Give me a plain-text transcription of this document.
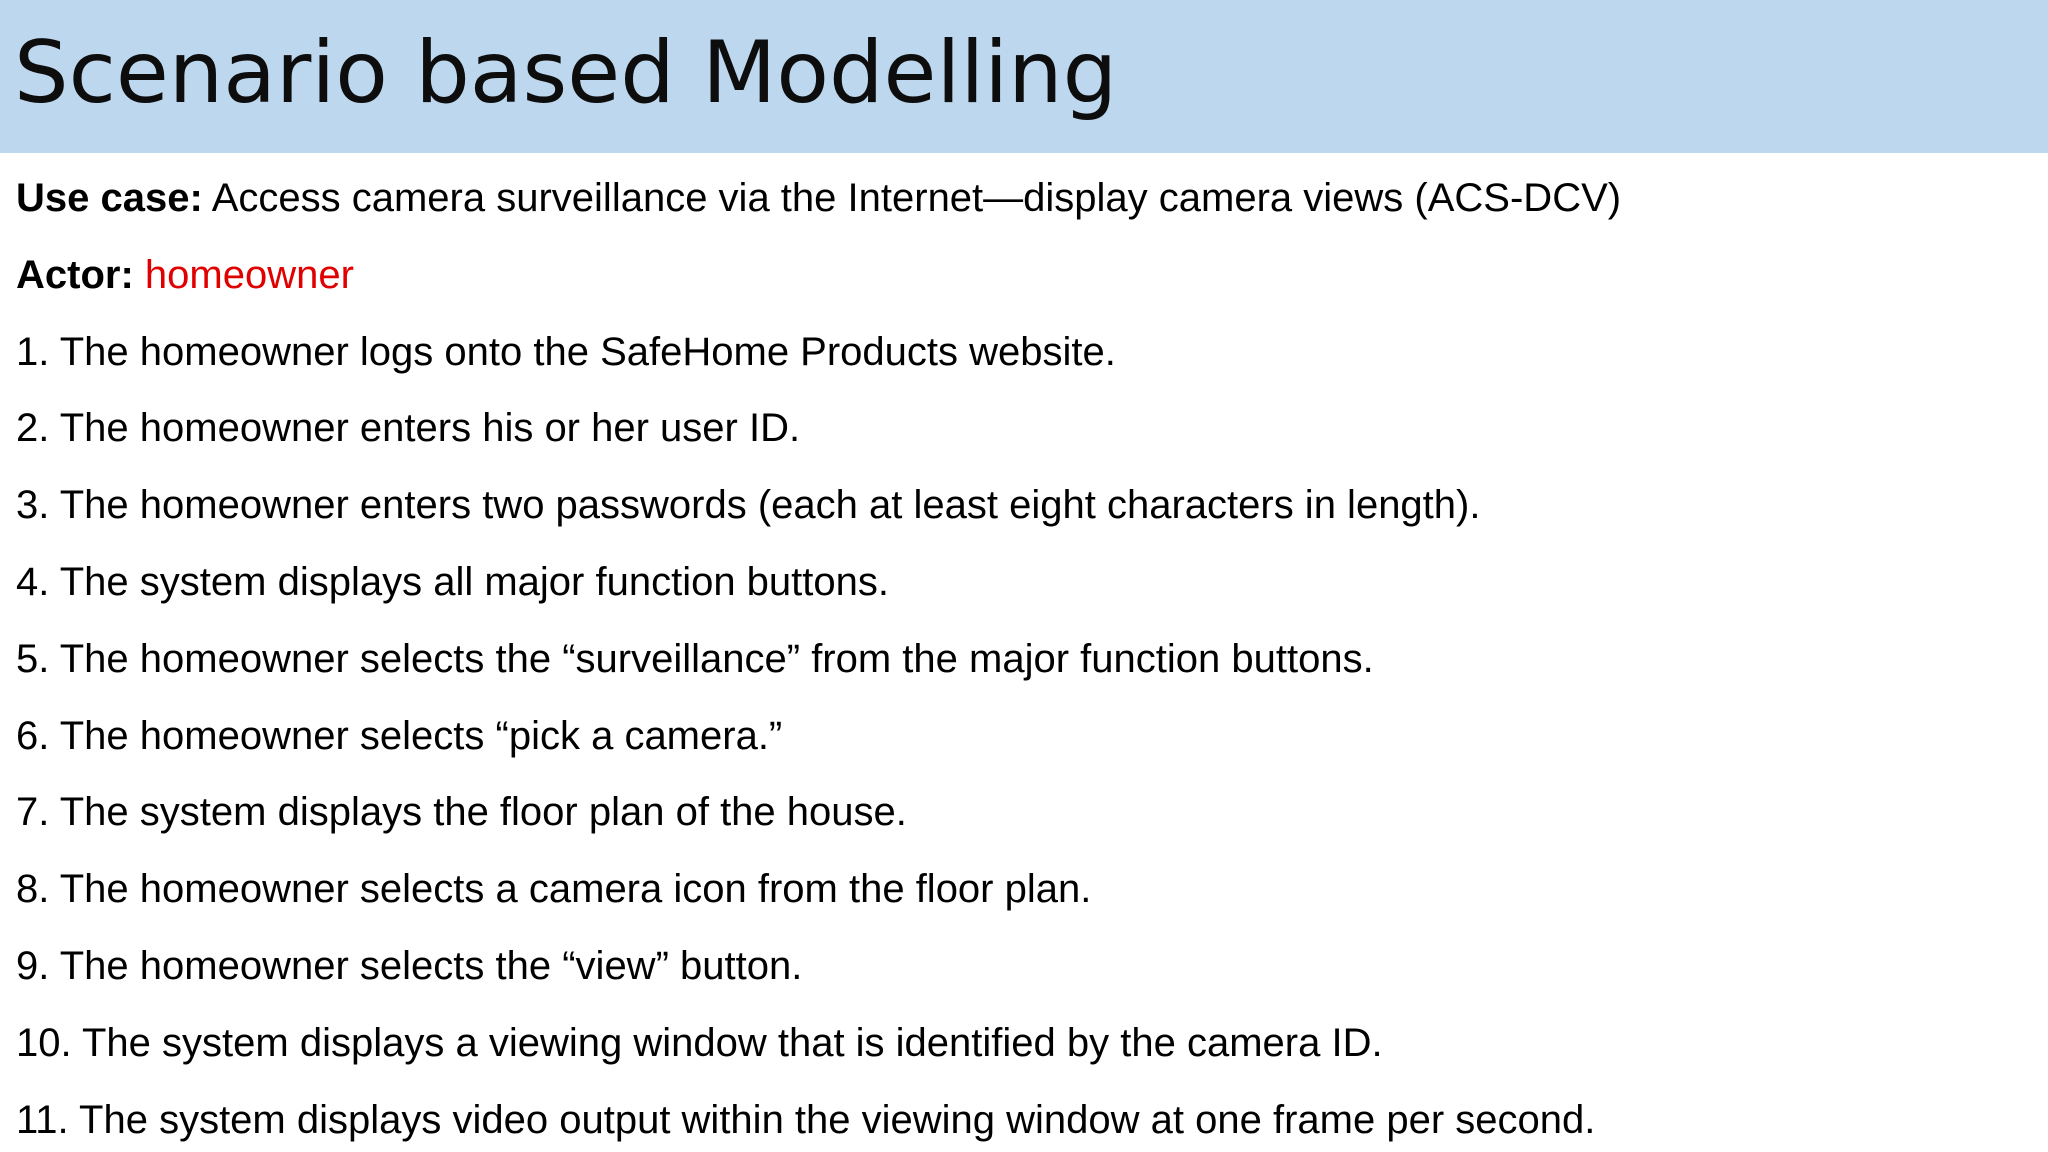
Scenario based Modelling
Use case: Access camera surveillance via the Internet—display camera views (ACS-DCV)
Actor: homeowner
1. The homeowner logs onto the SafeHome Products website.
2. The homeowner enters his or her user ID.
3. The homeowner enters two passwords (each at least eight characters in length).
4. The system displays all major function buttons.
5. The homeowner selects the “surveillance” from the major function buttons.
6. The homeowner selects “pick a camera.”
7. The system displays the floor plan of the house.
8. The homeowner selects a camera icon from the floor plan.
9. The homeowner selects the “view” button.
10. The system displays a viewing window that is identified by the camera ID.
11. The system displays video output within the viewing window at one frame per second.
